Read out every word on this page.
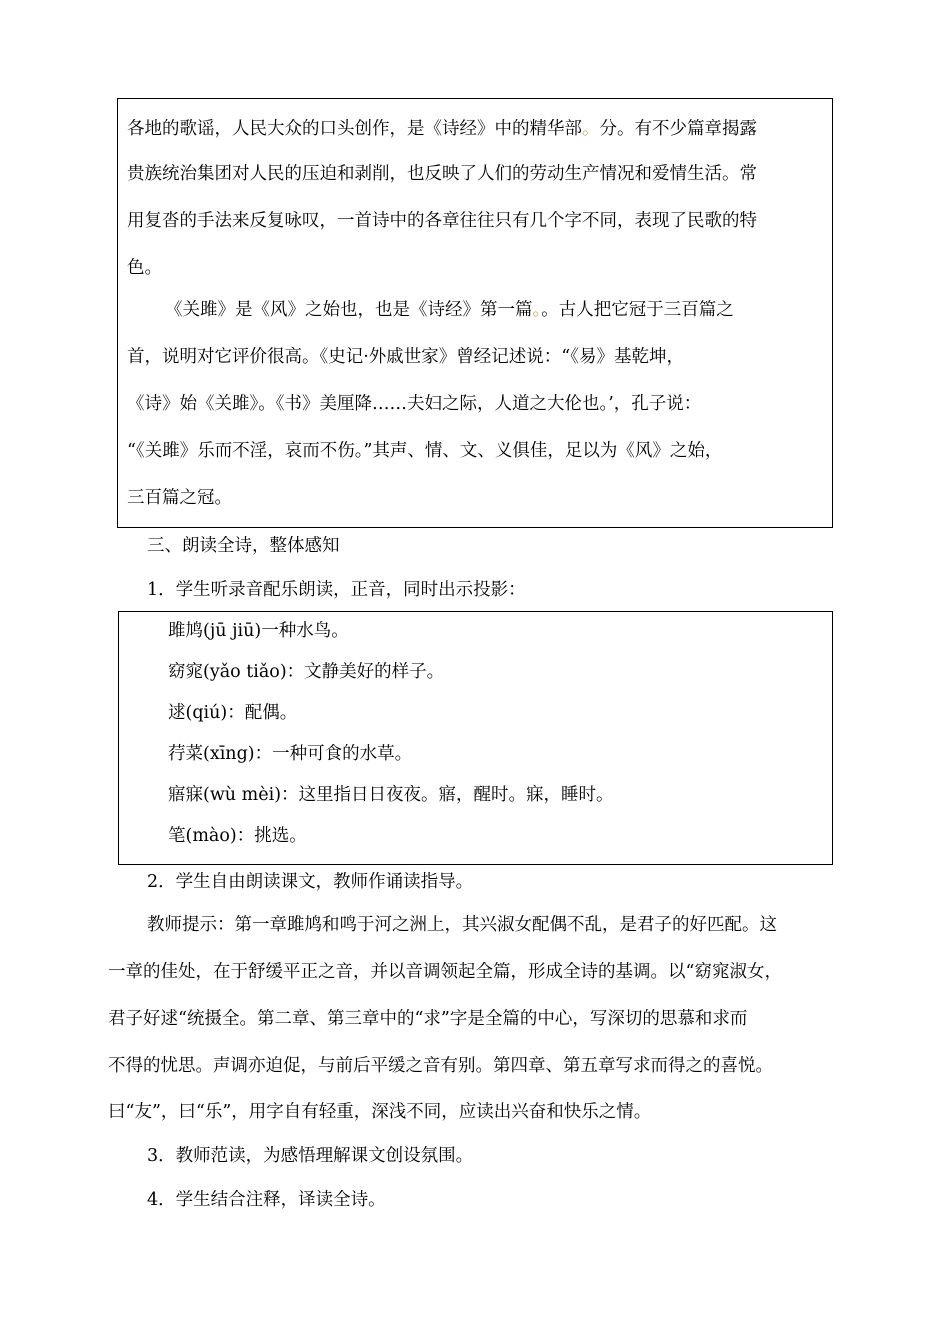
各地的歌谣，人民大众的口头创作，是《诗经》中的精华部。分。有不少篇章揭露

贵族统治集团对人民的压迫和剥削，也反映了人们的劳动生产情况和爱情生活。常

用复沓的手法来反复咏叹，一首诗中的各章往往只有几个字不同，表现了民歌的特

色。

《关雎》是《风》之始也，也是《诗经》第一篇。。古人把它冠于三百篇之

首，说明对它评价很高。《史记·外戚世家》曾经记述说：“《易》基乾坤，

《诗》始《关雎》。《书》美厘降……夫妇之际，人道之大伦也。’，孔子说：

“《关雎》乐而不淫，哀而不伤。”其声、情、文、义俱佳，足以为《风》之始，

三百篇之冠。

三、朗读全诗，整体感知

1．学生听录音配乐朗读，正音，同时出示投影：

雎鸠(jū jiū)一种水鸟。

窈窕(yǎo tiǎo)：文静美好的样子。

逑(qiú)：配偶。

荇菜(xīng)：一种可食的水草。

寤寐(wù mèi)：这里指日日夜夜。寤，醒时。寐，睡时。

笔(mào)：挑选。

2．学生自由朗读课文，教师作诵读指导。

教师提示：第一章雎鸠和鸣于河之洲上，其兴淑女配偶不乱，是君子的好匹配。这

一章的佳处，在于舒缓平正之音，并以音调领起全篇，形成全诗的基调。以“窈窕淑女，

君子好逑“统摄全。第二章、第三章中的“求”字是全篇的中心，写深切的思慕和求而

不得的忧思。声调亦迫促，与前后平缓之音有别。第四章、第五章写求而得之的喜悦。

曰“友”，曰“乐”，用字自有轻重，深浅不同，应读出兴奋和快乐之情。

3．教师范读，为感悟理解课文创设氛围。

4．学生结合注释，译读全诗。
